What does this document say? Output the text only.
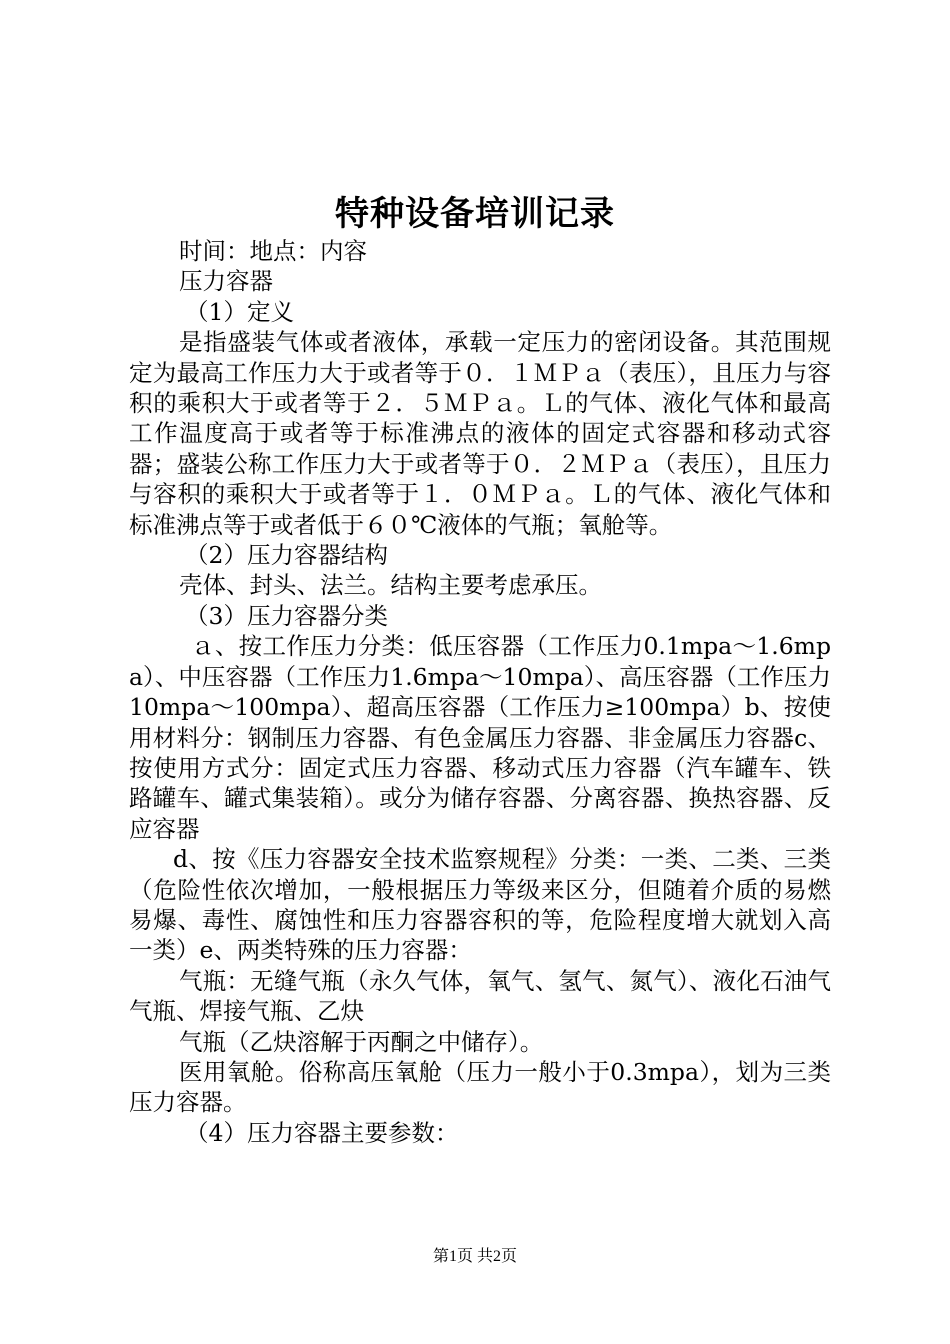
特种设备培训记录

时间：地点：内容

压力容器

（1）定义

是指盛装气体或者液体，承载一定压力的密闭设备。其范围规定为最高工作压力大于或者等于０．１ＭＰａ（表压），且压力与容积的乘积大于或者等于２．５ＭＰａ。Ｌ的气体、液化气体和最高工作温度高于或者等于标准沸点的液体的固定式容器和移动式容器；盛装公称工作压力大于或者等于０．２ＭＰａ（表压），且压力与容积的乘积大于或者等于１．０ＭＰａ。Ｌ的气体、液化气体和标准沸点等于或者低于６０℃液体的气瓶；氧舱等。

（2）压力容器结构

壳体、封头、法兰。结构主要考虑承压。

（3）压力容器分类

ａ、按工作压力分类：低压容器（工作压力0.1mpa～1.6mpa）、中压容器（工作压力1.6mpa～10mpa）、高压容器（工作压力10mpa～100mpa）、超高压容器（工作压力≥100mpa）b、按使用材料分：钢制压力容器、有色金属压力容器、非金属压力容器c、按使用方式分：固定式压力容器、移动式压力容器（汽车罐车、铁路罐车、罐式集装箱）。或分为储存容器、分离容器、换热容器、反应容器

d、按《压力容器安全技术监察规程》分类：一类、二类、三类（危险性依次增加，一般根据压力等级来区分，但随着介质的易燃易爆、毒性、腐蚀性和压力容器容积的等，危险程度增大就划入高一类）e、两类特殊的压力容器：

气瓶：无缝气瓶（永久气体，氧气、氢气、氮气）、液化石油气气瓶、焊接气瓶、乙炔

气瓶（乙炔溶解于丙酮之中储存）。

医用氧舱。俗称高压氧舱（压力一般小于0.3mpa），划为三类压力容器。

（4）压力容器主要参数：

第1页 共2页
